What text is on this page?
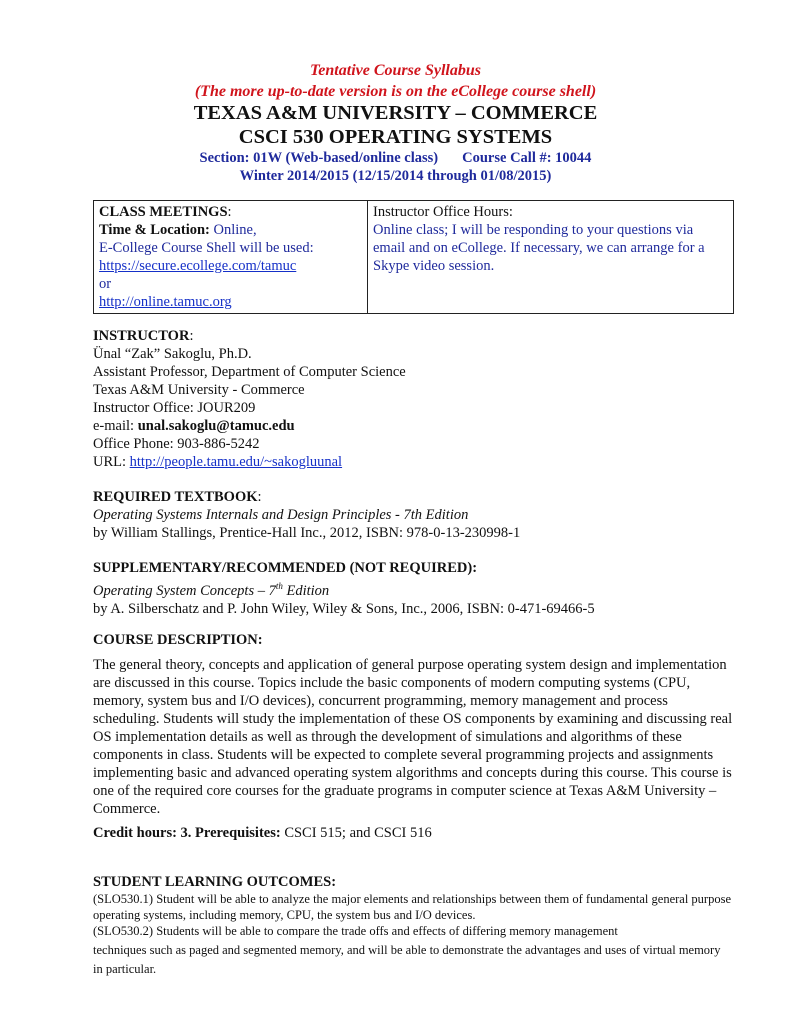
Tentative Course Syllabus
(The more up-to-date version is on the eCollege course shell)
TEXAS A&M UNIVERSITY – COMMERCE
CSCI 530 OPERATING SYSTEMS
Section: 01W (Web-based/online class) Course Call #: 10044
Winter 2014/2015 (12/15/2014 through 01/08/2015)
CLASS MEETINGS:
Time & Location: Online,
E-College Course Shell will be used:
https://secure.ecollege.com/tamuc
or
http://online.tamuc.org

Instructor Office Hours:
Online class; I will be responding to your questions via email and on eCollege. If necessary, we can arrange for a Skype video session.
INSTRUCTOR:
Ünal “Zak” Sakoglu, Ph.D.
Assistant Professor, Department of Computer Science
Texas A&M University - Commerce
Instructor Office: JOUR209
e-mail: unal.sakoglu@tamuc.edu
Office Phone: 903-886-5242
URL: http://people.tamu.edu/~sakogluunal
REQUIRED TEXTBOOK:
Operating Systems Internals and Design Principles - 7th Edition
by William Stallings, Prentice-Hall Inc., 2012, ISBN: 978-0-13-230998-1
SUPPLEMENTARY/RECOMMENDED (NOT REQUIRED):
Operating System Concepts – 7th Edition
by A. Silberschatz and P. John Wiley, Wiley & Sons, Inc., 2006, ISBN: 0-471-69466-5
COURSE DESCRIPTION:
The general theory, concepts and application of general purpose operating system design and implementation are discussed in this course. Topics include the basic components of modern computing systems (CPU, memory, system bus and I/O devices), concurrent programming, memory management and process scheduling. Students will study the implementation of these OS components by examining and discussing real OS implementation details as well as through the development of simulations and algorithms of these components in class. Students will be expected to complete several programming projects and assignments implementing basic and advanced operating system algorithms and concepts during this course. This course is one of the required core courses for the graduate programs in computer science at Texas A&M University – Commerce.
Credit hours: 3. Prerequisites: CSCI 515; and CSCI 516
STUDENT LEARNING OUTCOMES:
(SLO530.1) Student will be able to analyze the major elements and relationships between them of fundamental general purpose operating systems, including memory, CPU, the system bus and I/O devices.
(SLO530.2) Students will be able to compare the trade offs and effects of differing memory management
techniques such as paged and segmented memory, and will be able to demonstrate the advantages and uses of virtual memory in particular.
